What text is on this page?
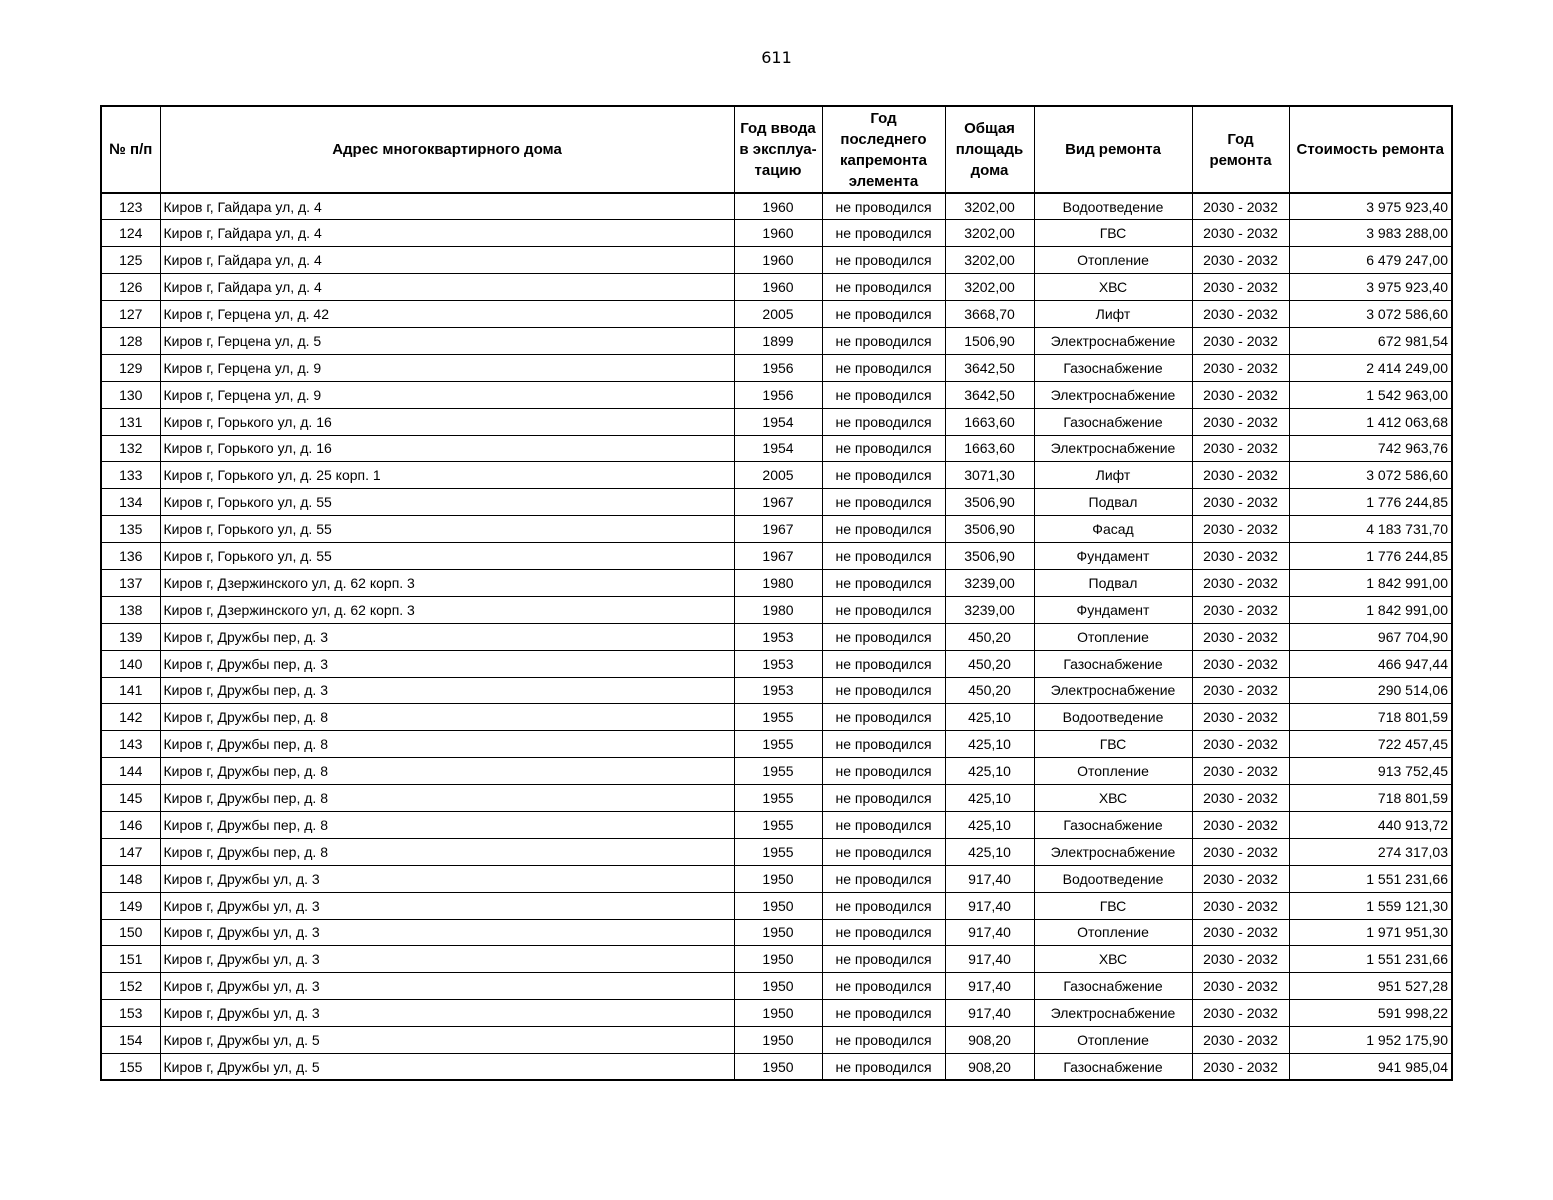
611
№ п/п	Адрес многоквартирного дома	Год ввода в эксплуа-тацию	Год последнего капремонта элемента	Общая площадь дома	Вид ремонта	Год ремонта	Стоимость ремонта
123	Киров г, Гайдара ул, д. 4	1960	не проводился	3202,00	Водоотведение	2030 - 2032	3 975 923,40
124	Киров г, Гайдара ул, д. 4	1960	не проводился	3202,00	ГВС	2030 - 2032	3 983 288,00
125	Киров г, Гайдара ул, д. 4	1960	не проводился	3202,00	Отопление	2030 - 2032	6 479 247,00
126	Киров г, Гайдара ул, д. 4	1960	не проводился	3202,00	ХВС	2030 - 2032	3 975 923,40
127	Киров г, Герцена ул, д. 42	2005	не проводился	3668,70	Лифт	2030 - 2032	3 072 586,60
128	Киров г, Герцена ул, д. 5	1899	не проводился	1506,90	Электроснабжение	2030 - 2032	672 981,54
129	Киров г, Герцена ул, д. 9	1956	не проводился	3642,50	Газоснабжение	2030 - 2032	2 414 249,00
130	Киров г, Герцена ул, д. 9	1956	не проводился	3642,50	Электроснабжение	2030 - 2032	1 542 963,00
131	Киров г, Горького ул, д. 16	1954	не проводился	1663,60	Газоснабжение	2030 - 2032	1 412 063,68
132	Киров г, Горького ул, д. 16	1954	не проводился	1663,60	Электроснабжение	2030 - 2032	742 963,76
133	Киров г, Горького ул, д. 25 корп. 1	2005	не проводился	3071,30	Лифт	2030 - 2032	3 072 586,60
134	Киров г, Горького ул, д. 55	1967	не проводился	3506,90	Подвал	2030 - 2032	1 776 244,85
135	Киров г, Горького ул, д. 55	1967	не проводился	3506,90	Фасад	2030 - 2032	4 183 731,70
136	Киров г, Горького ул, д. 55	1967	не проводился	3506,90	Фундамент	2030 - 2032	1 776 244,85
137	Киров г, Дзержинского ул, д. 62 корп. 3	1980	не проводился	3239,00	Подвал	2030 - 2032	1 842 991,00
138	Киров г, Дзержинского ул, д. 62 корп. 3	1980	не проводился	3239,00	Фундамент	2030 - 2032	1 842 991,00
139	Киров г, Дружбы пер, д. 3	1953	не проводился	450,20	Отопление	2030 - 2032	967 704,90
140	Киров г, Дружбы пер, д. 3	1953	не проводился	450,20	Газоснабжение	2030 - 2032	466 947,44
141	Киров г, Дружбы пер, д. 3	1953	не проводился	450,20	Электроснабжение	2030 - 2032	290 514,06
142	Киров г, Дружбы пер, д. 8	1955	не проводился	425,10	Водоотведение	2030 - 2032	718 801,59
143	Киров г, Дружбы пер, д. 8	1955	не проводился	425,10	ГВС	2030 - 2032	722 457,45
144	Киров г, Дружбы пер, д. 8	1955	не проводился	425,10	Отопление	2030 - 2032	913 752,45
145	Киров г, Дружбы пер, д. 8	1955	не проводился	425,10	ХВС	2030 - 2032	718 801,59
146	Киров г, Дружбы пер, д. 8	1955	не проводился	425,10	Газоснабжение	2030 - 2032	440 913,72
147	Киров г, Дружбы пер, д. 8	1955	не проводился	425,10	Электроснабжение	2030 - 2032	274 317,03
148	Киров г, Дружбы ул, д. 3	1950	не проводился	917,40	Водоотведение	2030 - 2032	1 551 231,66
149	Киров г, Дружбы ул, д. 3	1950	не проводился	917,40	ГВС	2030 - 2032	1 559 121,30
150	Киров г, Дружбы ул, д. 3	1950	не проводился	917,40	Отопление	2030 - 2032	1 971 951,30
151	Киров г, Дружбы ул, д. 3	1950	не проводился	917,40	ХВС	2030 - 2032	1 551 231,66
152	Киров г, Дружбы ул, д. 3	1950	не проводился	917,40	Газоснабжение	2030 - 2032	951 527,28
153	Киров г, Дружбы ул, д. 3	1950	не проводился	917,40	Электроснабжение	2030 - 2032	591 998,22
154	Киров г, Дружбы ул, д. 5	1950	не проводился	908,20	Отопление	2030 - 2032	1 952 175,90
155	Киров г, Дружбы ул, д. 5	1950	не проводился	908,20	Газоснабжение	2030 - 2032	941 985,04
